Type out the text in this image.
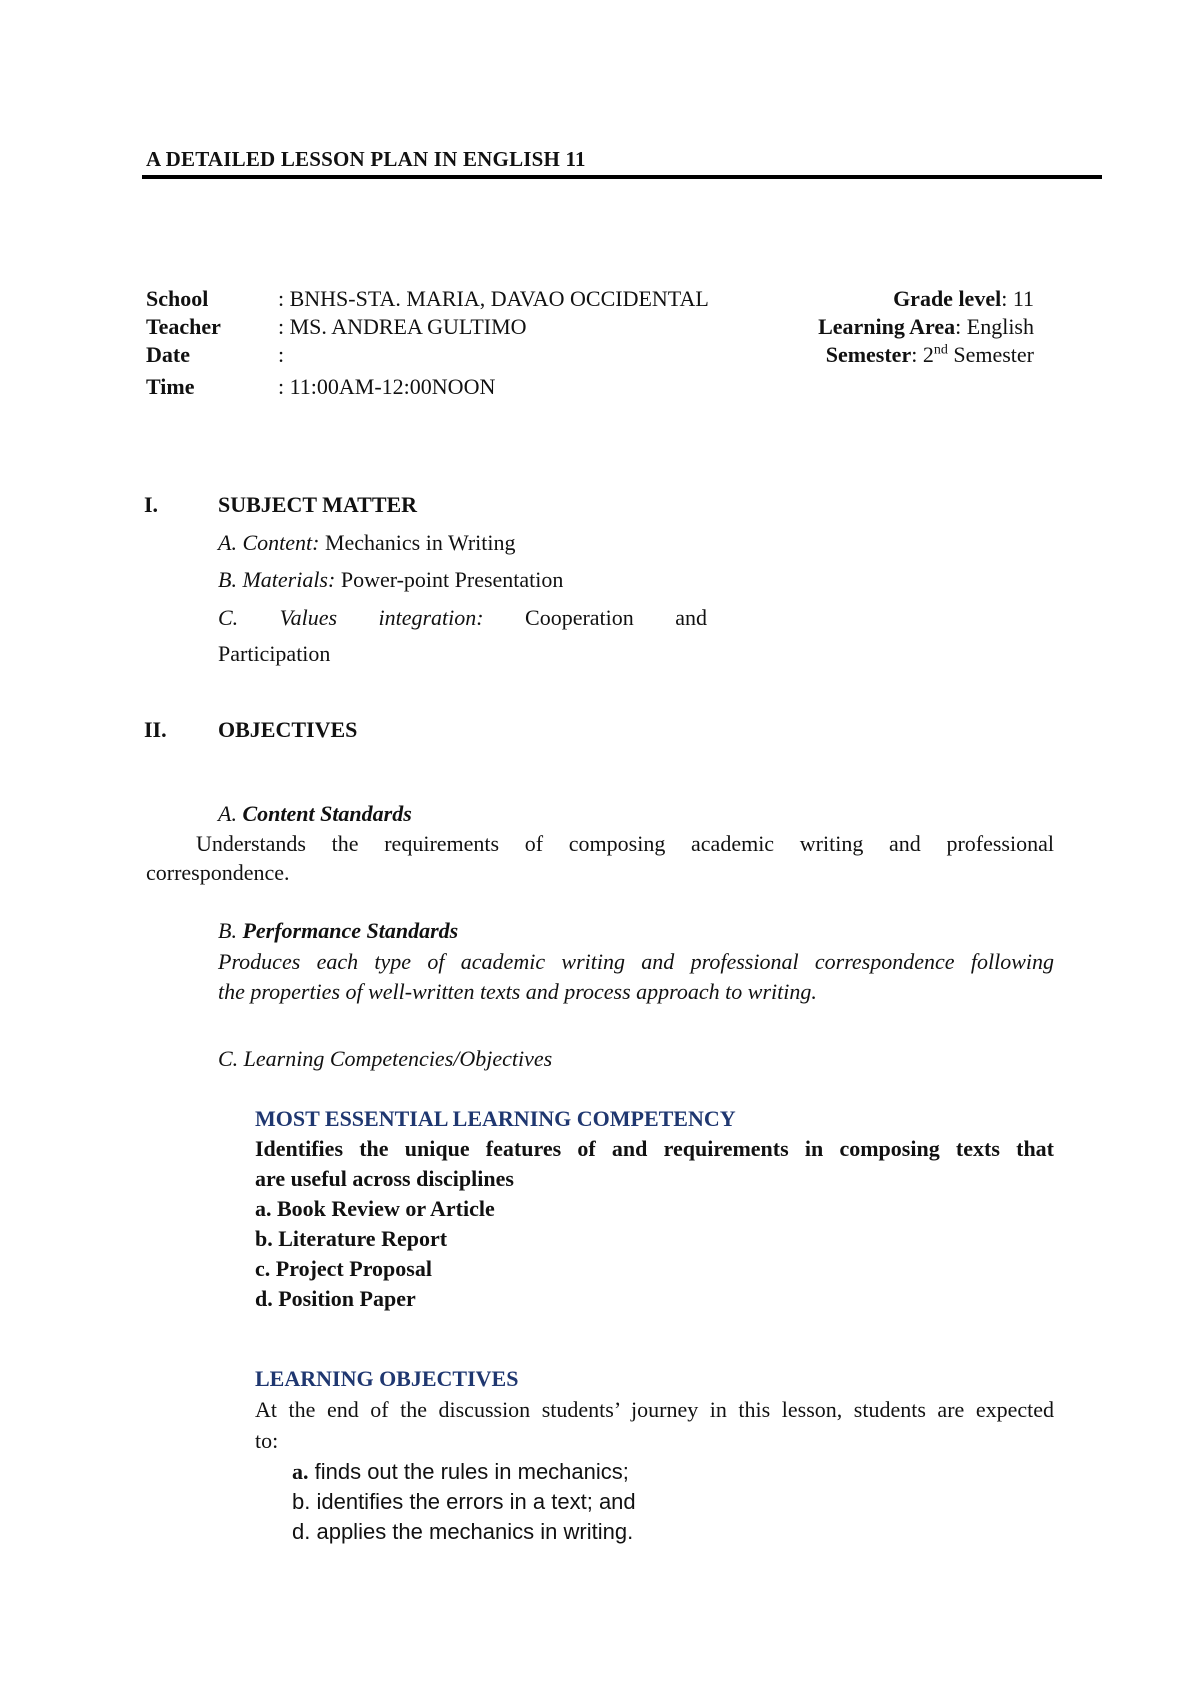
A DETAILED LESSON PLAN IN ENGLISH 11
School	: BNHS-STA. MARIA, DAVAO OCCIDENTAL
Teacher	: MS. ANDREA GULTIMO
Date	:
Time	: 11:00AM-12:00NOON
Grade level: 11
Learning Area: English
Semester: 2nd Semester
I.	SUBJECT MATTER
A. Content: Mechanics in Writing
B. Materials: Power-point Presentation
C. Values integration: Cooperation and
Participation
II. OBJECTIVES
A. Content Standards
Understands the requirements of composing academic writing and professional
correspondence.
B. Performance Standards
Produces each type of academic writing and professional correspondence following
the properties of well-written texts and process approach to writing.
C. Learning Competencies/Objectives
MOST ESSENTIAL LEARNING COMPETENCY
Identifies the unique features of and requirements in composing texts that
are useful across disciplines
a. Book Review or Article
b. Literature Report
c. Project Proposal
d. Position Paper
LEARNING OBJECTIVES
At the end of the discussion students’ journey in this lesson, students are expected
to:
a. finds out the rules in mechanics;
b. identifies the errors in a text; and
d. applies the mechanics in writing.
